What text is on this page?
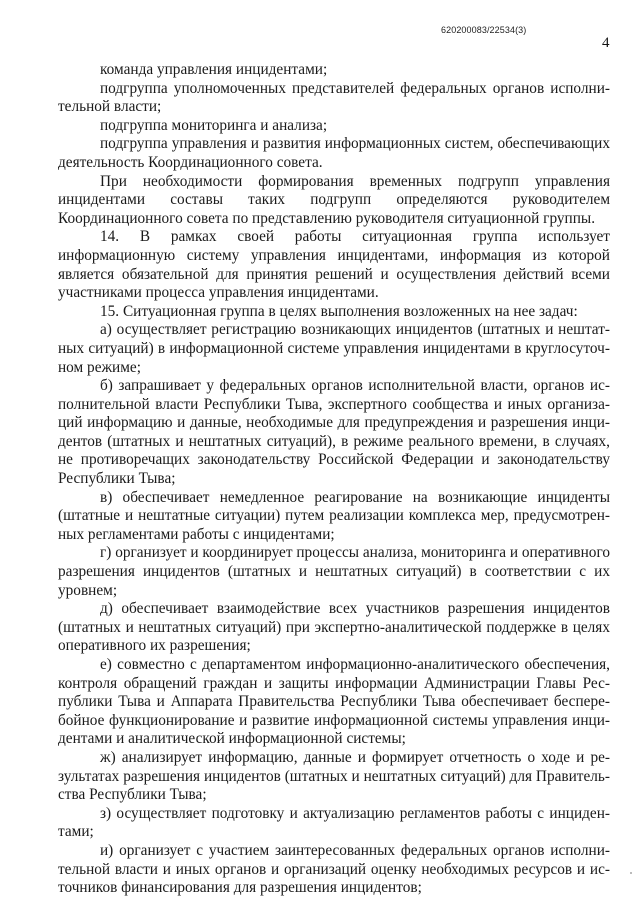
620200083/22534(3)
4

команда управления инцидентами;

подгруппа уполномоченных представителей федеральных органов исполнительной власти;

подгруппа мониторинга и анализа;

подгруппа управления и развития информационных систем, обеспечивающих деятельность Координационного совета.

При необходимости формирования временных подгрупп управления инцидентами составы таких подгрупп определяются руководителем Координационного совета по представлению руководителя ситуационной группы.

14. В рамках своей работы ситуационная группа использует информационную систему управления инцидентами, информация из которой является обязательной для принятия решений и осуществления действий всеми участниками процесса управления инцидентами.

15. Ситуационная группа в целях выполнения возложенных на нее задач:

а) осуществляет регистрацию возникающих инцидентов (штатных и нештатных ситуаций) в информационной системе управления инцидентами в круглосуточном режиме;

б) запрашивает у федеральных органов исполнительной власти, органов исполнительной власти Республики Тыва, экспертного сообщества и иных организаций информацию и данные, необходимые для предупреждения и разрешения инцидентов (штатных и нештатных ситуаций), в режиме реального времени, в случаях, не противоречащих законодательству Российской Федерации и законодательству Республики Тыва;

в) обеспечивает немедленное реагирование на возникающие инциденты (штатные и нештатные ситуации) путем реализации комплекса мер, предусмотренных регламентами работы с инцидентами;

г) организует и координирует процессы анализа, мониторинга и оперативного разрешения инцидентов (штатных и нештатных ситуаций) в соответствии с их уровнем;

д) обеспечивает взаимодействие всех участников разрешения инцидентов (штатных и нештатных ситуаций) при экспертно-аналитической поддержке в целях оперативного их разрешения;

е) совместно с департаментом информационно-аналитического обеспечения, контроля обращений граждан и защиты информации Администрации Главы Республики Тыва и Аппарата Правительства Республики Тыва обеспечивает бесперебойное функционирование и развитие информационной системы управления инцидентами и аналитической информационной системы;

ж) анализирует информацию, данные и формирует отчетность о ходе и результатах разрешения инцидентов (штатных и нештатных ситуаций) для Правительства Республики Тыва;

з) осуществляет подготовку и актуализацию регламентов работы с инцидентами;

и) организует с участием заинтересованных федеральных органов исполнительной власти и иных органов и организаций оценку необходимых ресурсов и источников финансирования для разрешения инцидентов;
